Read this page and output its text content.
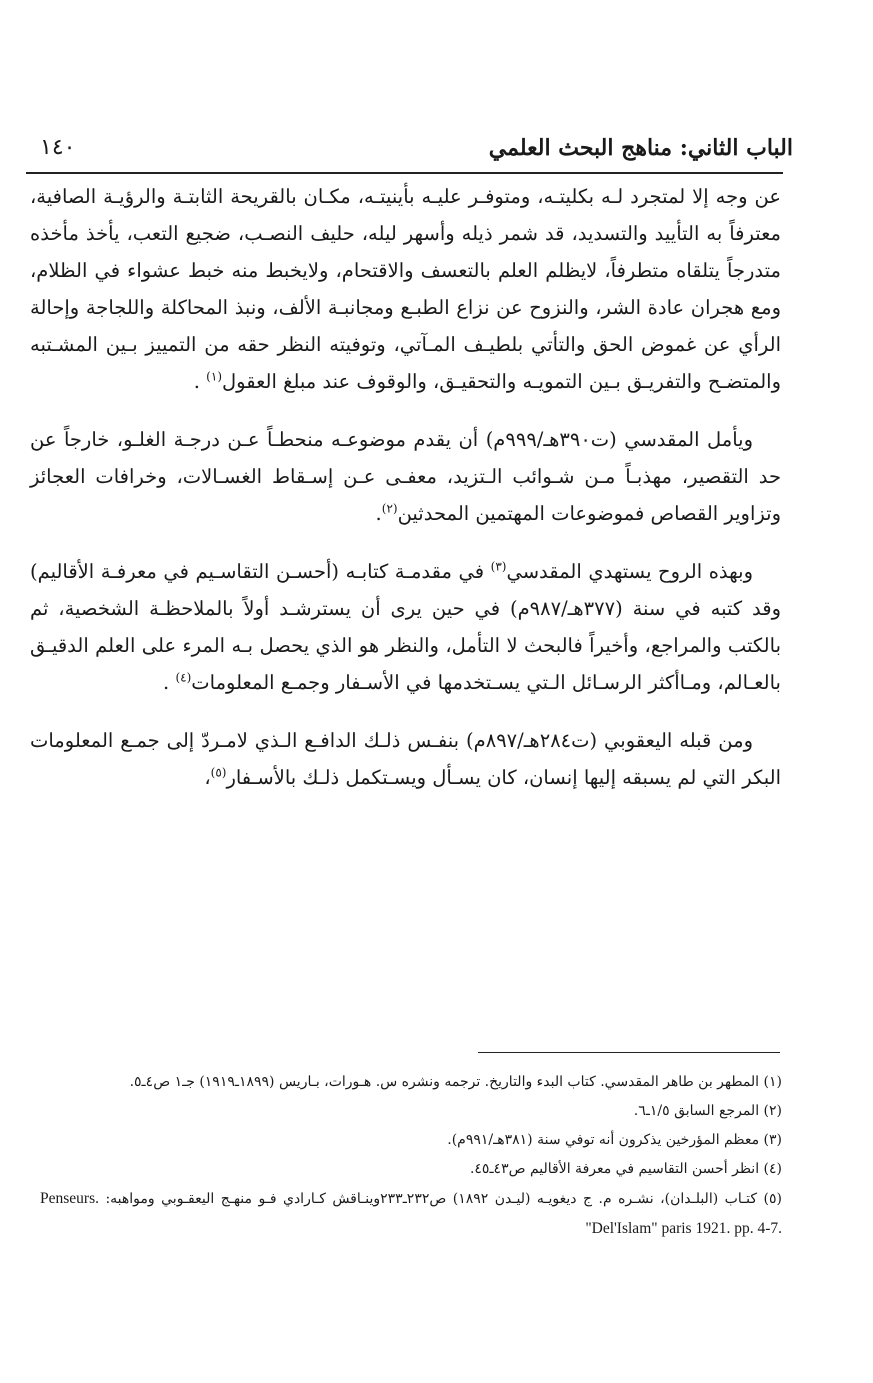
الباب الثاني: مناهج البحث العلمي
١٤٠

عن وجه إلا لمتجرد لـه بكليتـه، ومتوفـر عليـه بأينيتـه، مكـان بالقريحة الثابتـة والرؤيـة الصافية، معترفاً به التأييد والتسديد، قد شمر ذيله وأسهر ليله، حليف النصـب، ضجيع التعب، يأخذ مأخذه متدرجاً يتلقاه متطرفاً، لايظلم العلم بالتعسف والاقتحام، ولايخبط منه خبط عشواء في الظلام، ومع هجران عادة الشر، والنزوح عن نزاع الطبـع ومجانبـة الألف، ونبذ المحاكلة واللجاجة وإحالة الرأي عن غموض الحق والتأتي بلطيـف المـآتي، وتوفيته النظر حقه من التمييز بـين المشـتبه والمتضـح والتفريـق بـين التمويـه والتحقيـق، والوقوف عند مبلغ العقول$^{(١)}$ .

ويأمل المقدسي (ت٣٩٠هـ/٩٩٩م) أن يقدم موضوعـه منحطـاً عـن درجـة الغلـو، خارجاً عن حد التقصير، مهذبـاً مـن شـوائب الـتزيد، معفـى عـن إسـقاط الغسـالات، وخرافات العجائز وتزاوير القصاص فموضوعات المهتمين المحدثين$^{(٢)}$.

وبهذه الروح يستهدي المقدسي$^{(٣)}$ في مقدمـة كتابـه (أحسـن التقاسـيم في معرفـة الأقاليم) وقد كتبه في سنة (٣٧٧هـ/٩٨٧م) في حين يرى أن يسترشـد أولاً بالملاحظـة الشخصية، ثم بالكتب والمراجع، وأخيراً فالبحث لا التأمل، والنظر هو الذي يحصل بـه المرء على العلم الدقيـق بالعـالم، ومـاأكثر الرسـائل الـتي يسـتخدمها في الأسـفار وجمـع المعلومات$^{(٤)}$ .

ومن قبله اليعقوبي (ت٢٨٤هـ/٨٩٧م) بنفـس ذلـك الدافـع الـذي لامـردّ إلى جمـع المعلومات البكر التي لم يسبقه إليها إنسان، كان يسـأل ويسـتكمل ذلـك بالأسـفار$^{(٥)}$،

(١) المطهر بن طاهر المقدسي. كتاب البدء والتاريخ. ترجمه ونشره س. هـورات، بـاريس (١٨٩٩ـ١٩١٩) جـ١ ص٤ـ٥.

(٢) المرجع السابق ١/٥ـ٦.

(٣) معظم المؤرخين يذكرون أنه توفي سنة (٣٨١هـ/٩٩١م).

(٤) انظر أحسن التقاسيم في معرفة الأقاليم ص٤٣ـ٤٥.

(٥) كتـاب (البلـدان)، نشـره م. ج ديغويـه (ليـدن ١٨٩٢) ص٢٣٢ـ٢٣٣وينـاقش كـارادي فـو منهـج اليعقـوبي ومواهبه: Penseurs. "Del'Islam" paris 1921. pp. 4-7.
